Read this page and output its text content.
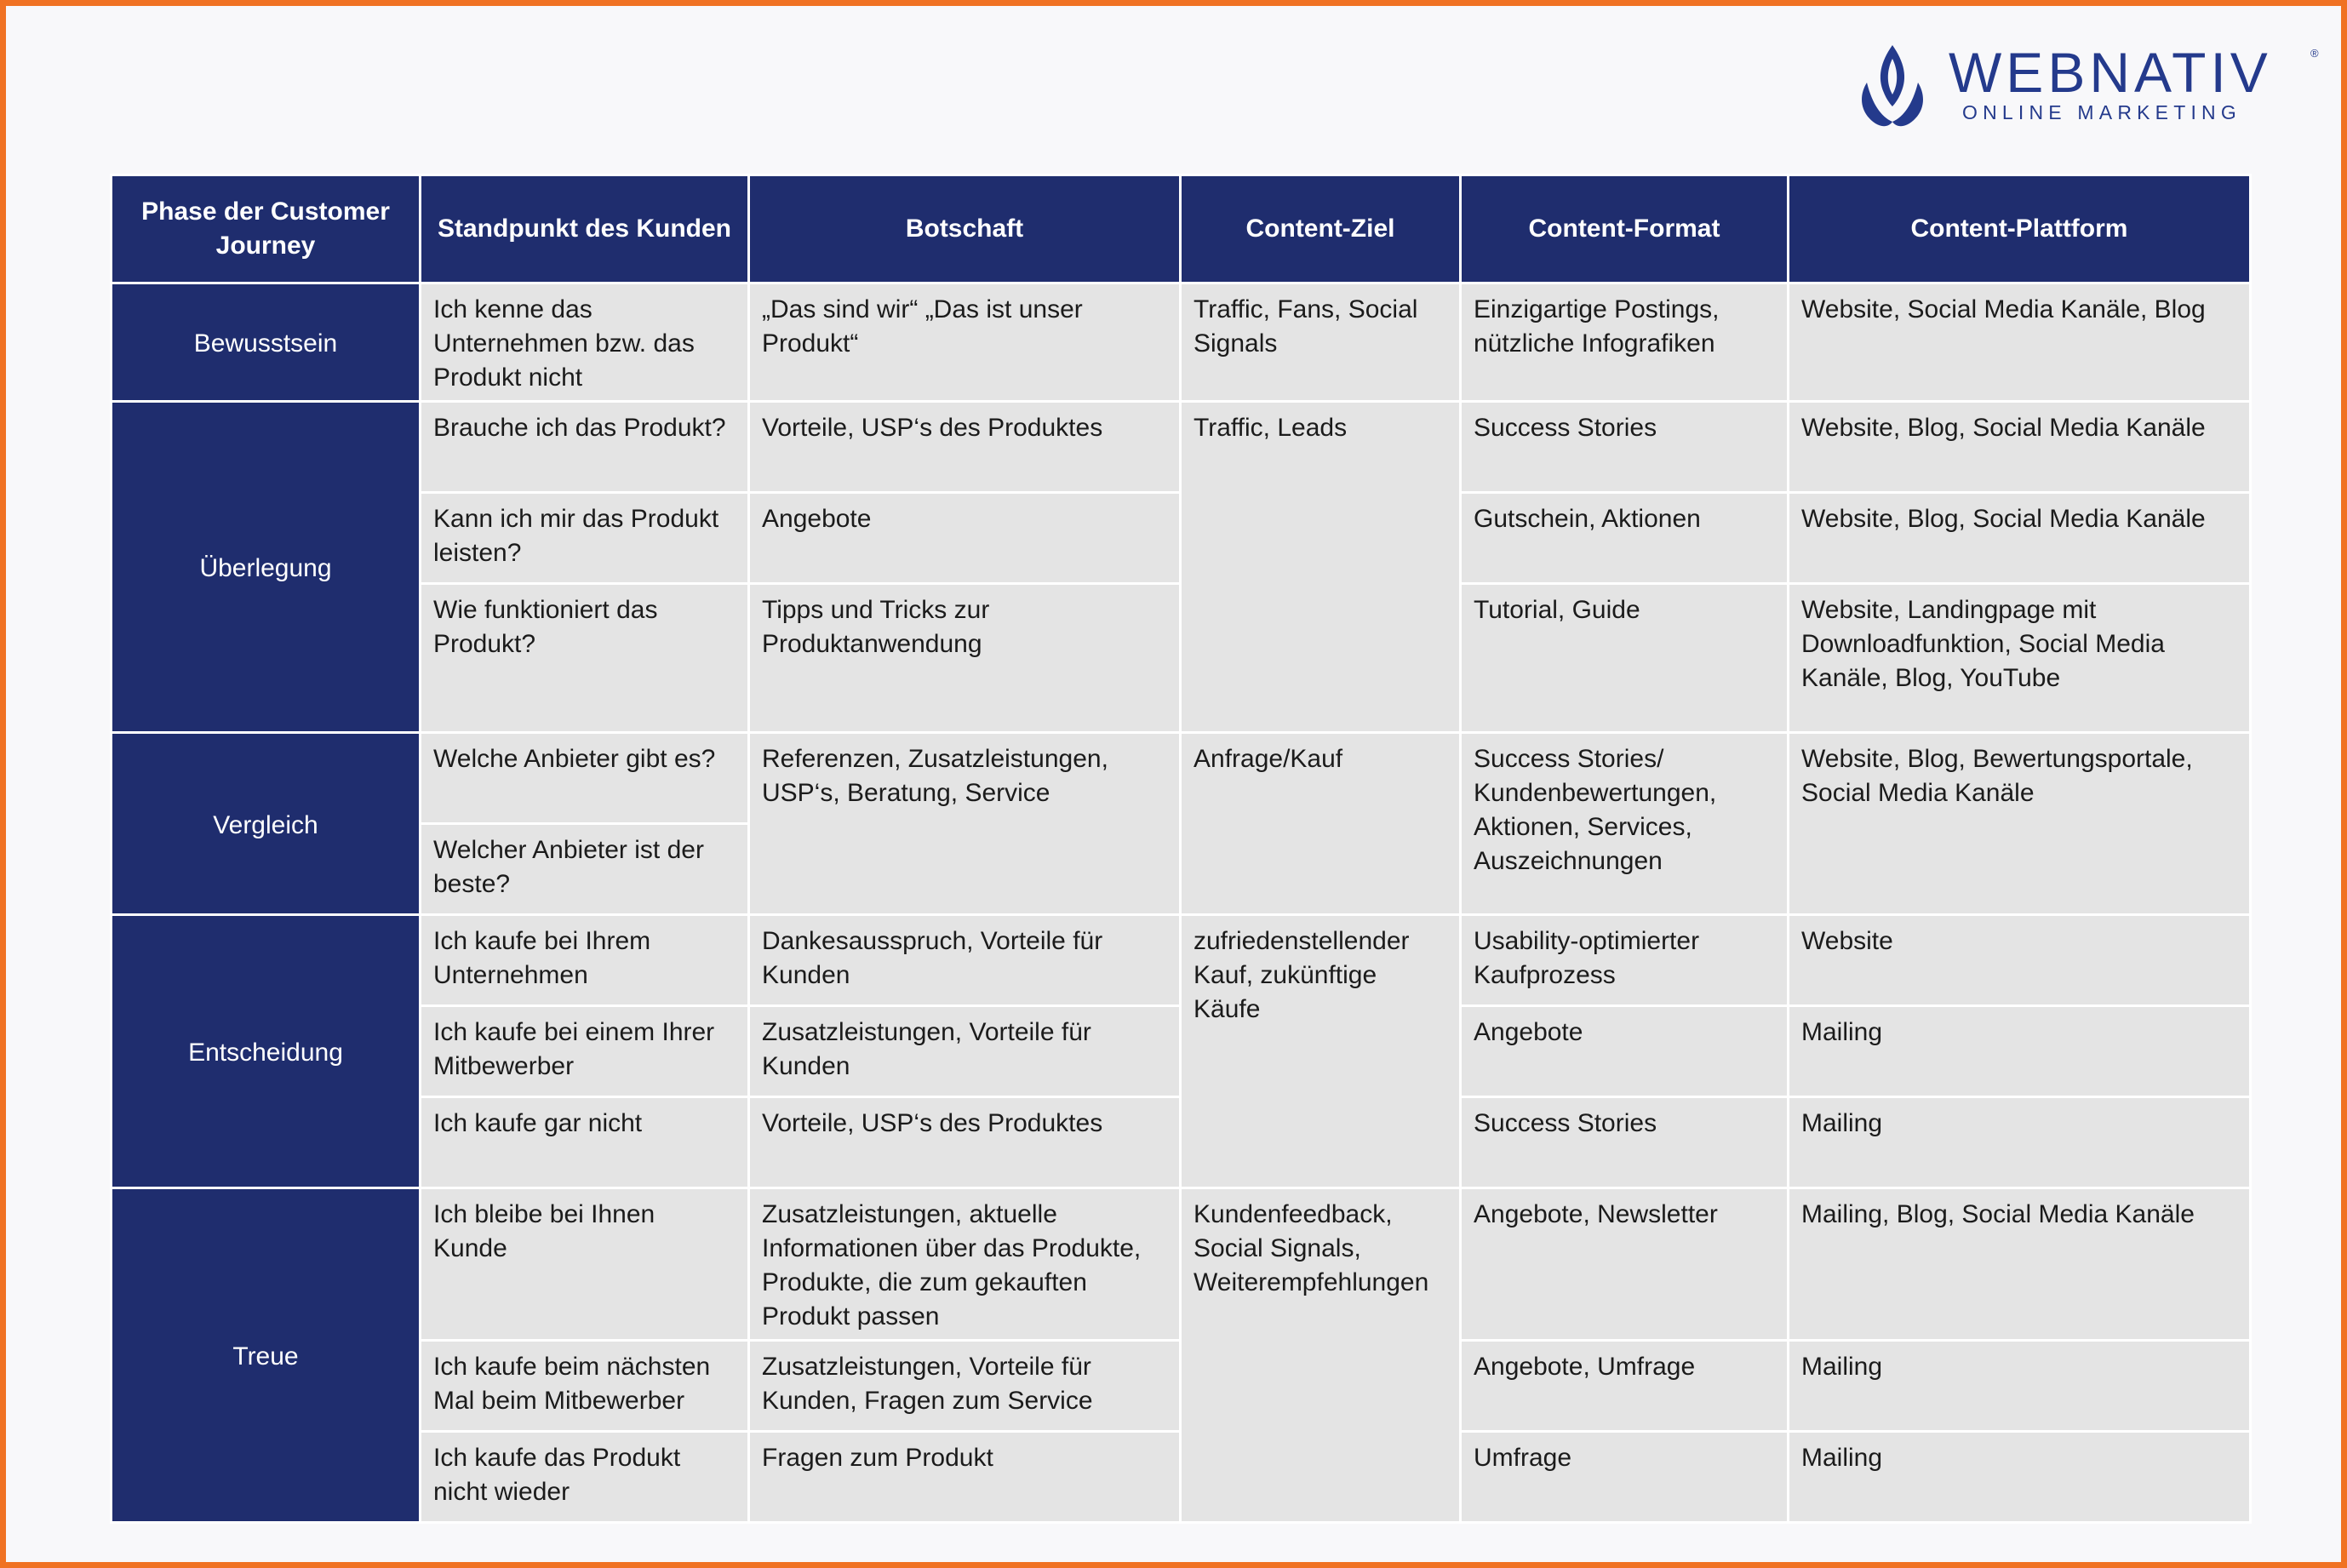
WEBNATIV	®
ONLINE MARKETING
Phase der Customer Journey	Standpunkt des Kunden	Botschaft	Content-Ziel	Content-Format	Content-Plattform
Bewusstsein	Ich kenne das Unternehmen bzw. das Produkt nicht	„Das sind wir“ „Das ist unser Produkt“	Traffic, Fans, Social Signals	Einzigartige Postings, nützliche Infografiken	Website, Social Media Kanäle, Blog
Überlegung	Brauche ich das Produkt?	Vorteile, USP‘s des Produktes	Traffic, Leads	Success Stories	Website, Blog, Social Media Kanäle
	Kann ich mir das Produkt leisten?	Angebote		Gutschein, Aktionen	Website, Blog, Social Media Kanäle
	Wie funktioniert das Produkt?	Tipps und Tricks zur Produktanwendung		Tutorial, Guide	Website, Landingpage mit Downloadfunktion, Social Media Kanäle, Blog, YouTube
Vergleich	Welche Anbieter gibt es?	Referenzen, Zusatzleistungen, USP‘s, Beratung, Service	Anfrage/Kauf	Success Stories/ Kundenbewertungen, Aktionen, Services, Auszeichnungen	Website, Blog, Bewertungsportale, Social Media Kanäle
	Welcher Anbieter ist der beste?				
Entscheidung	Ich kaufe bei Ihrem Unternehmen	Dankesausspruch, Vorteile für Kunden	zufriedenstellender Kauf, zukünftige Käufe	Usability-optimierter Kaufprozess	Website
	Ich kaufe bei einem Ihrer Mitbewerber	Zusatzleistungen, Vorteile für Kunden		Angebote	Mailing
	Ich kaufe gar nicht	Vorteile, USP‘s des Produktes		Success Stories	Mailing
Treue	Ich bleibe bei Ihnen Kunde	Zusatzleistungen, aktuelle Informationen über das Produkte, Produkte, die zum gekauften Produkt passen	Kundenfeedback, Social Signals, Weiterempfehlungen	Angebote, Newsletter	Mailing, Blog, Social Media Kanäle
	Ich kaufe beim nächsten Mal beim Mitbewerber	Zusatzleistungen, Vorteile für Kunden, Fragen zum Service		Angebote, Umfrage	Mailing
	Ich kaufe das Produkt nicht wieder	Fragen zum Produkt		Umfrage	Mailing
